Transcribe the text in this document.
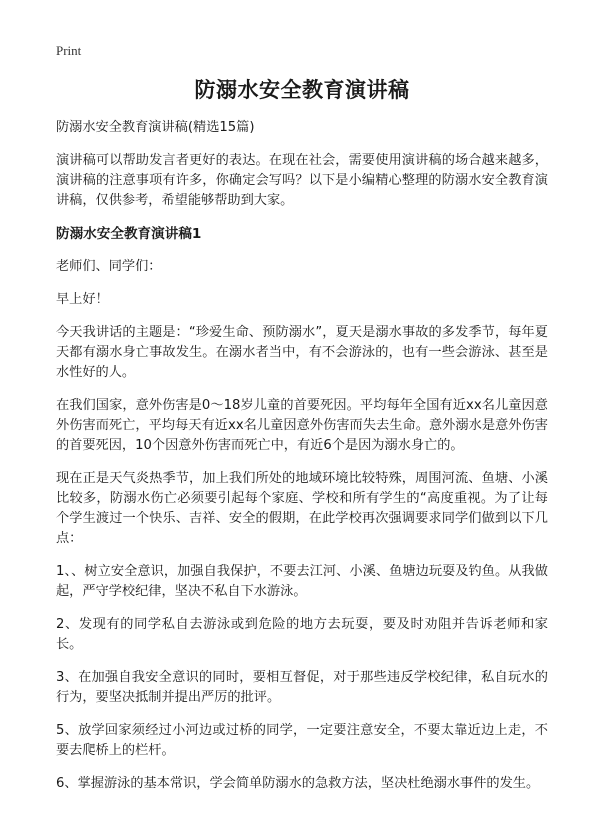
Print
防溺水安全教育演讲稿

防溺水安全教育演讲稿(精选15篇)

演讲稿可以帮助发言者更好的表达。在现在社会，需要使用演讲稿的场合越来越多，演讲稿的注意事项有许多，你确定会写吗？以下是小编精心整理的防溺水安全教育演讲稿，仅供参考，希望能够帮助到大家。

防溺水安全教育演讲稿1

老师们、同学们：

早上好！

今天我讲话的主题是：“珍爱生命、预防溺水”，夏天是溺水事故的多发季节，每年夏天都有溺水身亡事故发生。在溺水者当中，有不会游泳的，也有一些会游泳、甚至是水性好的人。

在我们国家，意外伤害是0～18岁儿童的首要死因。平均每年全国有近xx名儿童因意外伤害而死亡，平均每天有近xx名儿童因意外伤害而失去生命。意外溺水是意外伤害的首要死因，10个因意外伤害而死亡中，有近6个是因为溺水身亡的。

现在正是天气炎热季节，加上我们所处的地域环境比较特殊，周围河流、鱼塘、小溪比较多，防溺水伤亡必须要引起每个家庭、学校和所有学生的“高度重视。为了让每个学生渡过一个快乐、吉祥、安全的假期，在此学校再次强调要求同学们做到以下几点：

1、、树立安全意识，加强自我保护，不要去江河、小溪、鱼塘边玩耍及钓鱼。从我做起，严守学校纪律，坚决不私自下水游泳。

2、发现有的同学私自去游泳或到危险的地方去玩耍，要及时劝阻并告诉老师和家长。

3、在加强自我安全意识的同时，要相互督促，对于那些违反学校纪律，私自玩水的行为，要坚决抵制并提出严厉的批评。

5、放学回家须经过小河边或过桥的同学，一定要注意安全，不要太靠近边上走，不要去爬桥上的栏杆。

6、掌握游泳的基本常识，学会简单防溺水的急救方法，坚决杜绝溺水事件的发生。
